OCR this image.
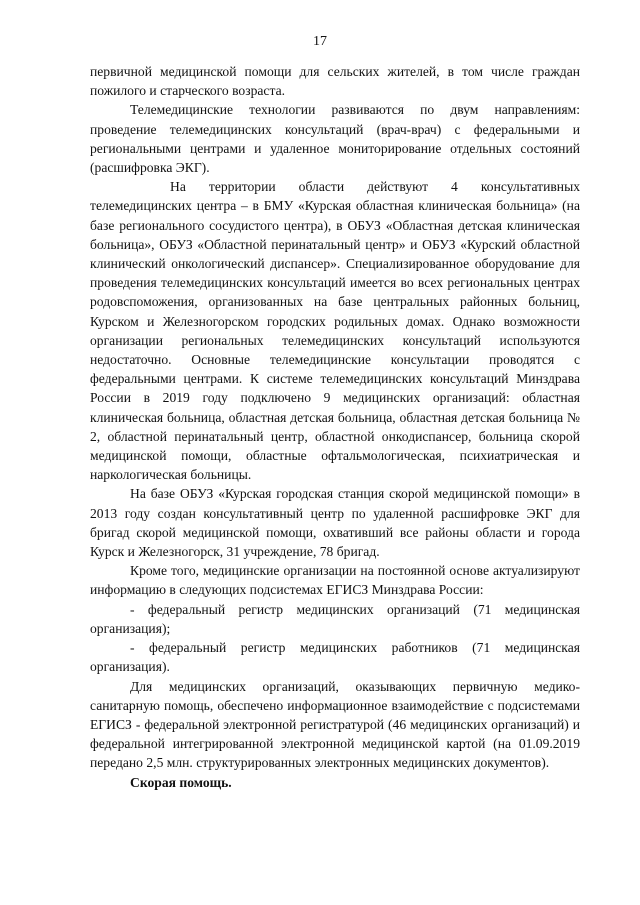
17

первичной медицинской помощи для сельских жителей, в том числе граждан пожилого и старческого возраста.

Телемедицинские технологии развиваются по двум направлениям: проведение телемедицинских консультаций (врач-врач) с федеральными и региональными центрами и удаленное мониторирование отдельных состояний (расшифровка ЭКГ).

На территории области действуют 4 консультативных телемедицинских центра – в БМУ «Курская областная клиническая больница» (на базе регионального сосудистого центра), в ОБУЗ «Областная детская клиническая больница», ОБУЗ «Областной перинатальный центр» и ОБУЗ «Курский областной клинический онкологический диспансер». Специализированное оборудование для проведения телемедицинских консультаций имеется во всех региональных центрах родовспоможения, организованных на базе центральных районных больниц, Курском и Железногорском городских родильных домах. Однако возможности организации региональных телемедицинских консультаций используются недостаточно. Основные телемедицинские консультации проводятся с федеральными центрами. К системе телемедицинских консультаций Минздрава России в 2019 году подключено 9 медицинских организаций: областная клиническая больница, областная детская больница, областная детская больница № 2, областной перинатальный центр, областной онкодиспансер, больница скорой медицинской помощи, областные офтальмологическая, психиатрическая и наркологическая больницы.

На базе ОБУЗ «Курская городская станция скорой медицинской помощи» в 2013 году создан консультативный центр по удаленной расшифровке ЭКГ для бригад скорой медицинской помощи, охвативший все районы области и города Курск и Железногорск, 31 учреждение, 78 бригад.

Кроме того, медицинские организации на постоянной основе актуализируют информацию в следующих подсистемах ЕГИСЗ Минздрава России:

- федеральный регистр медицинских организаций (71 медицинская организация);

- федеральный регистр медицинских работников (71 медицинская организация).

Для медицинских организаций, оказывающих первичную медико-санитарную помощь, обеспечено информационное взаимодействие с подсистемами ЕГИСЗ - федеральной электронной регистратурой (46 медицинских организаций) и федеральной интегрированной электронной медицинской картой (на 01.09.2019 передано 2,5 млн. структурированных электронных медицинских документов).

Скорая помощь.
